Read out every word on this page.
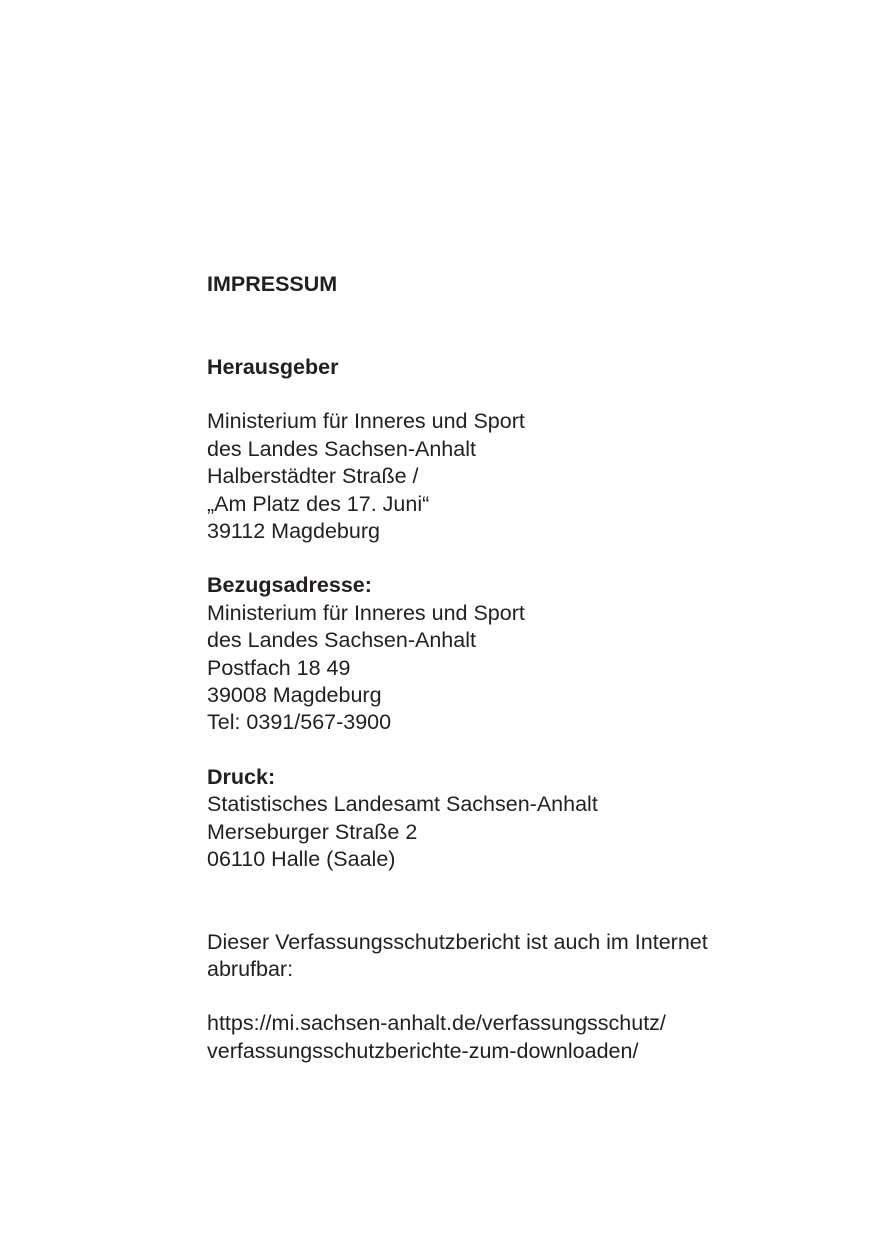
IMPRESSUM
Herausgeber
Ministerium für Inneres und Sport
des Landes Sachsen-Anhalt
Halberstädter Straße /
„Am Platz des 17. Juni“
39112 Magdeburg
Bezugsadresse:
Ministerium für Inneres und Sport
des Landes Sachsen-Anhalt
Postfach 18 49
39008 Magdeburg
Tel: 0391/567-3900
Druck:
Statistisches Landesamt Sachsen-Anhalt
Merseburger Straße 2
06110 Halle (Saale)
Dieser Verfassungsschutzbericht ist auch im Internet abrufbar:
https://mi.sachsen-anhalt.de/verfassungsschutz/
verfassungsschutzberichte-zum-downloaden/
